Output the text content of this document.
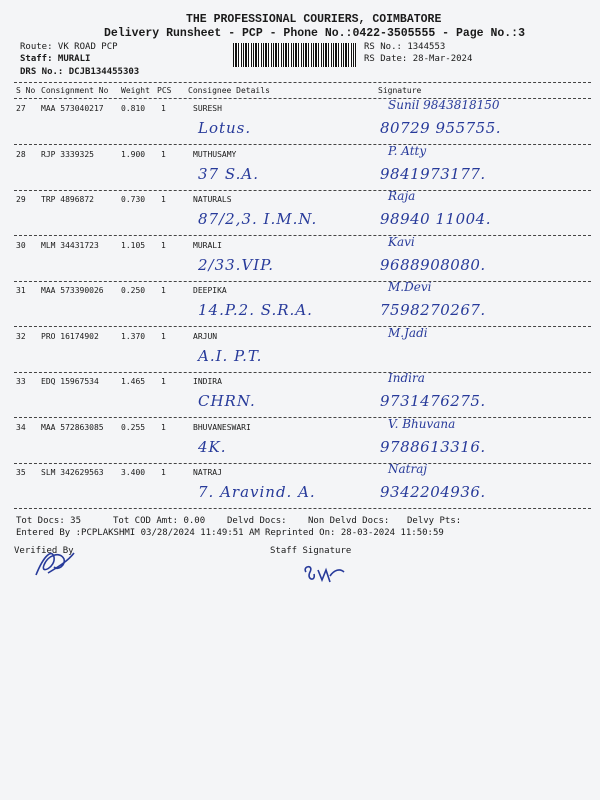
THE PROFESSIONAL COURIERS, COIMBATORE
Delivery Runsheet - PCP - Phone No.:0422-3505555 - Page No.:3
Route: VK ROAD PCP
Staff: MURALI
DRS No.: DCJB134455303
RS No.: 1344553
RS Date: 28-Mar-2024
S No Consignment No Weight PCS Consignee Details	Signature
27 MAA 573040217 0.810 1	SURESH
Lotus.
Sunil 9843818150
80729 955755.
28 RJP 3339325	1.900 1	MUTHUSAMY
37 S.A.
P. Atty
9841973177.
29 TRP 4896872	0.730 1	NATURALS
87/2,3. I.M.N.
Raja
98940 11004.
30 MLM 34431723	1.105 1	MURALI
2/33.VIP.
Kavi
9688908080.
31 MAA 573390026 0.250 1	DEEPIKA
14.P.2. S.R.A.
M.Devi
7598270267.
32 PRO 16174902	1.370 1	ARJUN
A.I. P.T.
M.Jadi
33 EDQ 15967534	1.465 1	INDIRA
CHRN.
Indira
9731476275.
34 MAA 572863085 0.255 1	BHUVANESWARI
4K.
V. Bhuvana
9788613316.
35 SLM 342629563 3.400 1	NATRAJ
7. Aravind. A.
Natraj
9342204936.
Tot Docs: 35	Tot COD Amt: 0.00 Delvd Docs: Non Delvd Docs: Delvy Pts:
Entered By :PCPLAKSHMI 03/28/2024 11:49:51 AM Reprinted On: 28-03-2024 11:50:59
Verified By	Staff Signature
